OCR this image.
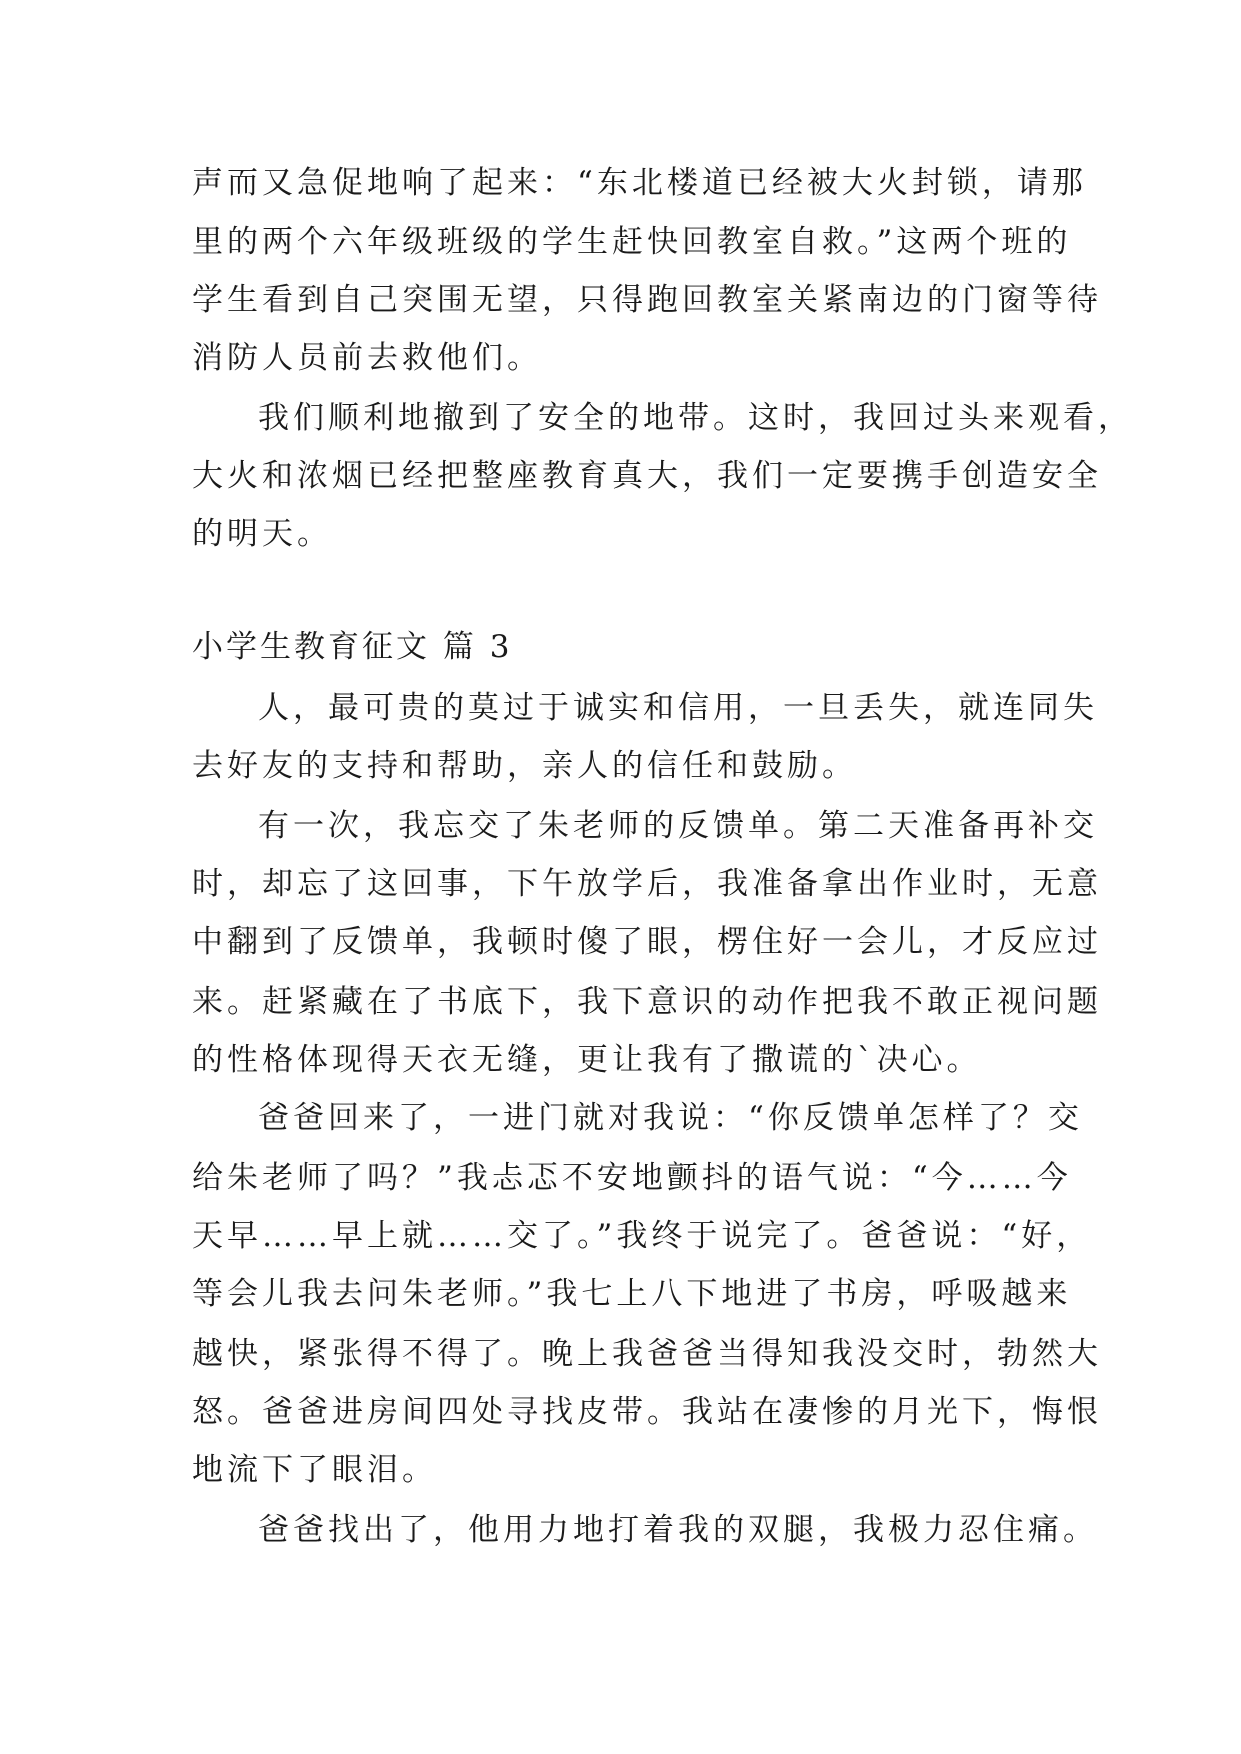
声而又急促地响了起来：“东北楼道已经被大火封锁，请那
里的两个六年级班级的学生赶快回教室自救。”这两个班的
学生看到自己突围无望，只得跑回教室关紧南边的门窗等待
消防人员前去救他们。
我们顺利地撤到了安全的地带。这时，我回过头来观看，
大火和浓烟已经把整座教育真大，我们一定要携手创造安全
的明天。
小学生教育征文 篇 3
人，最可贵的莫过于诚实和信用，一旦丢失，就连同失
去好友的支持和帮助，亲人的信任和鼓励。
有一次，我忘交了朱老师的反馈单。第二天准备再补交
时，却忘了这回事，下午放学后，我准备拿出作业时，无意
中翻到了反馈单，我顿时傻了眼，楞住好一会儿，才反应过
来。赶紧藏在了书底下，我下意识的动作把我不敢正视问题
的性格体现得天衣无缝，更让我有了撒谎的`决心。
爸爸回来了，一进门就对我说：“你反馈单怎样了？交
给朱老师了吗？”我忐忑不安地颤抖的语气说：“今……今
天早……早上就……交了。”我终于说完了。爸爸说：“好，
等会儿我去问朱老师。”我七上八下地进了书房，呼吸越来
越快，紧张得不得了。晚上我爸爸当得知我没交时，勃然大
怒。爸爸进房间四处寻找皮带。我站在凄惨的月光下，悔恨
地流下了眼泪。
爸爸找出了，他用力地打着我的双腿，我极力忍住痛。
